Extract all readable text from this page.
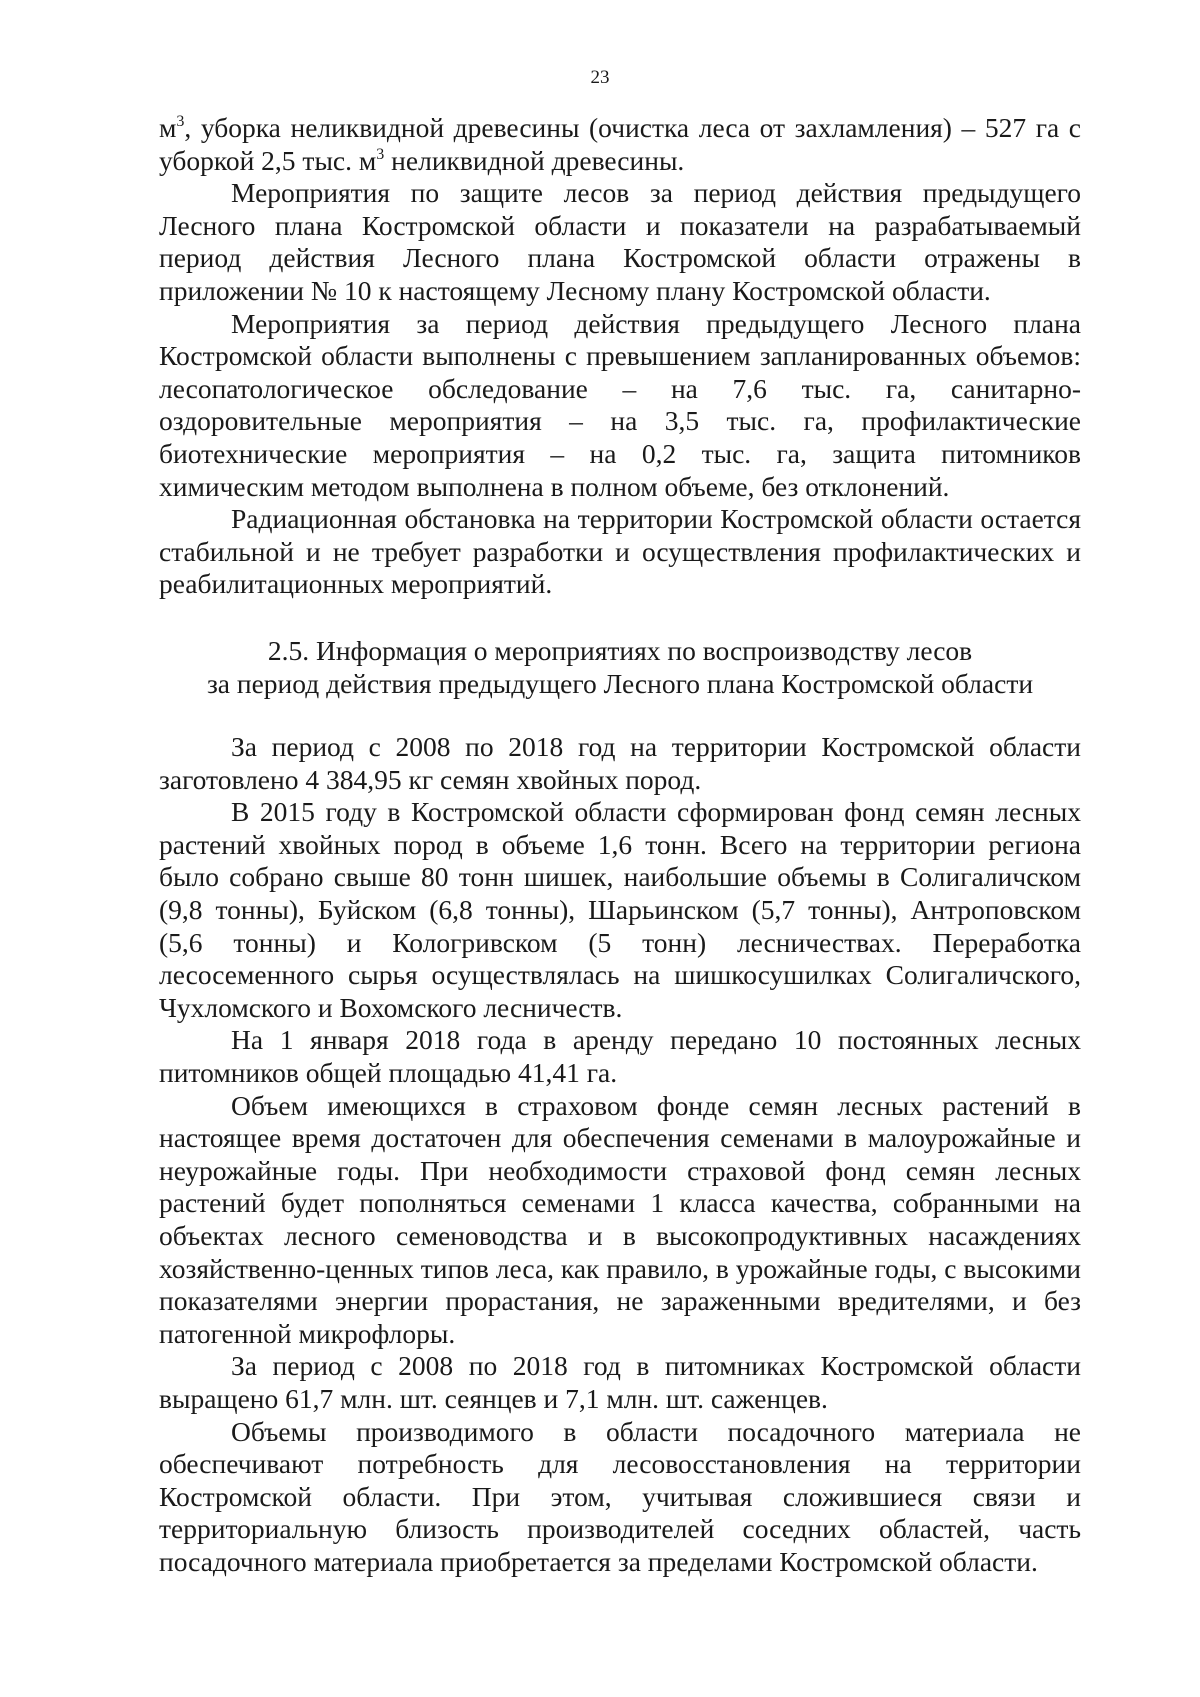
23

$м^3$, уборка неликвидной древесины (очистка леса от захламления) – 527 га с уборкой 2,5 тыс. $м^3$ неликвидной древесины.

Мероприятия по защите лесов за период действия предыдущего Лесного плана Костромской области и показатели на разрабатываемый период действия Лесного плана Костромской области отражены в приложении № 10 к настоящему Лесному плану Костромской области.

Мероприятия за период действия предыдущего Лесного плана Костромской области выполнены с превышением запланированных объемов: лесопатологическое обследование – на 7,6 тыс. га, санитарно-оздоровительные мероприятия – на 3,5 тыс. га, профилактические биотехнические мероприятия – на 0,2 тыс. га, защита питомников химическим методом выполнена в полном объеме, без отклонений.

Радиационная обстановка на территории Костромской области остается стабильной и не требует разработки и осуществления профилактических и реабилитационных мероприятий.

2.5. Информация о мероприятиях по воспроизводству лесов
за период действия предыдущего Лесного плана Костромской области

За период с 2008 по 2018 год на территории Костромской области заготовлено 4 384,95 кг семян хвойных пород.

В 2015 году в Костромской области сформирован фонд семян лесных растений хвойных пород в объеме 1,6 тонн. Всего на территории региона было собрано свыше 80 тонн шишек, наибольшие объемы в Солигаличском (9,8 тонны), Буйском (6,8 тонны), Шарьинском (5,7 тонны), Антроповском (5,6 тонны) и Кологривском (5 тонн) лесничествах. Переработка лесосеменного сырья осуществлялась на шишкосушилках Солигаличского, Чухломского и Вохомского лесничеств.

На 1 января 2018 года в аренду передано 10 постоянных лесных питомников общей площадью 41,41 га.

Объем имеющихся в страховом фонде семян лесных растений в настоящее время достаточен для обеспечения семенами в малоурожайные и неурожайные годы. При необходимости страховой фонд семян лесных растений будет пополняться семенами 1 класса качества, собранными на объектах лесного семеноводства и в высокопродуктивных насаждениях хозяйственно-ценных типов леса, как правило, в урожайные годы, с высокими показателями энергии прорастания, не зараженными вредителями, и без патогенной микрофлоры.

За период с 2008 по 2018 год в питомниках Костромской области выращено 61,7 млн. шт. сеянцев и 7,1 млн. шт. саженцев.

Объемы производимого в области посадочного материала не обеспечивают потребность для лесовосстановления на территории Костромской области. При этом, учитывая сложившиеся связи и территориальную близость производителей соседних областей, часть посадочного материала приобретается за пределами Костромской области.
